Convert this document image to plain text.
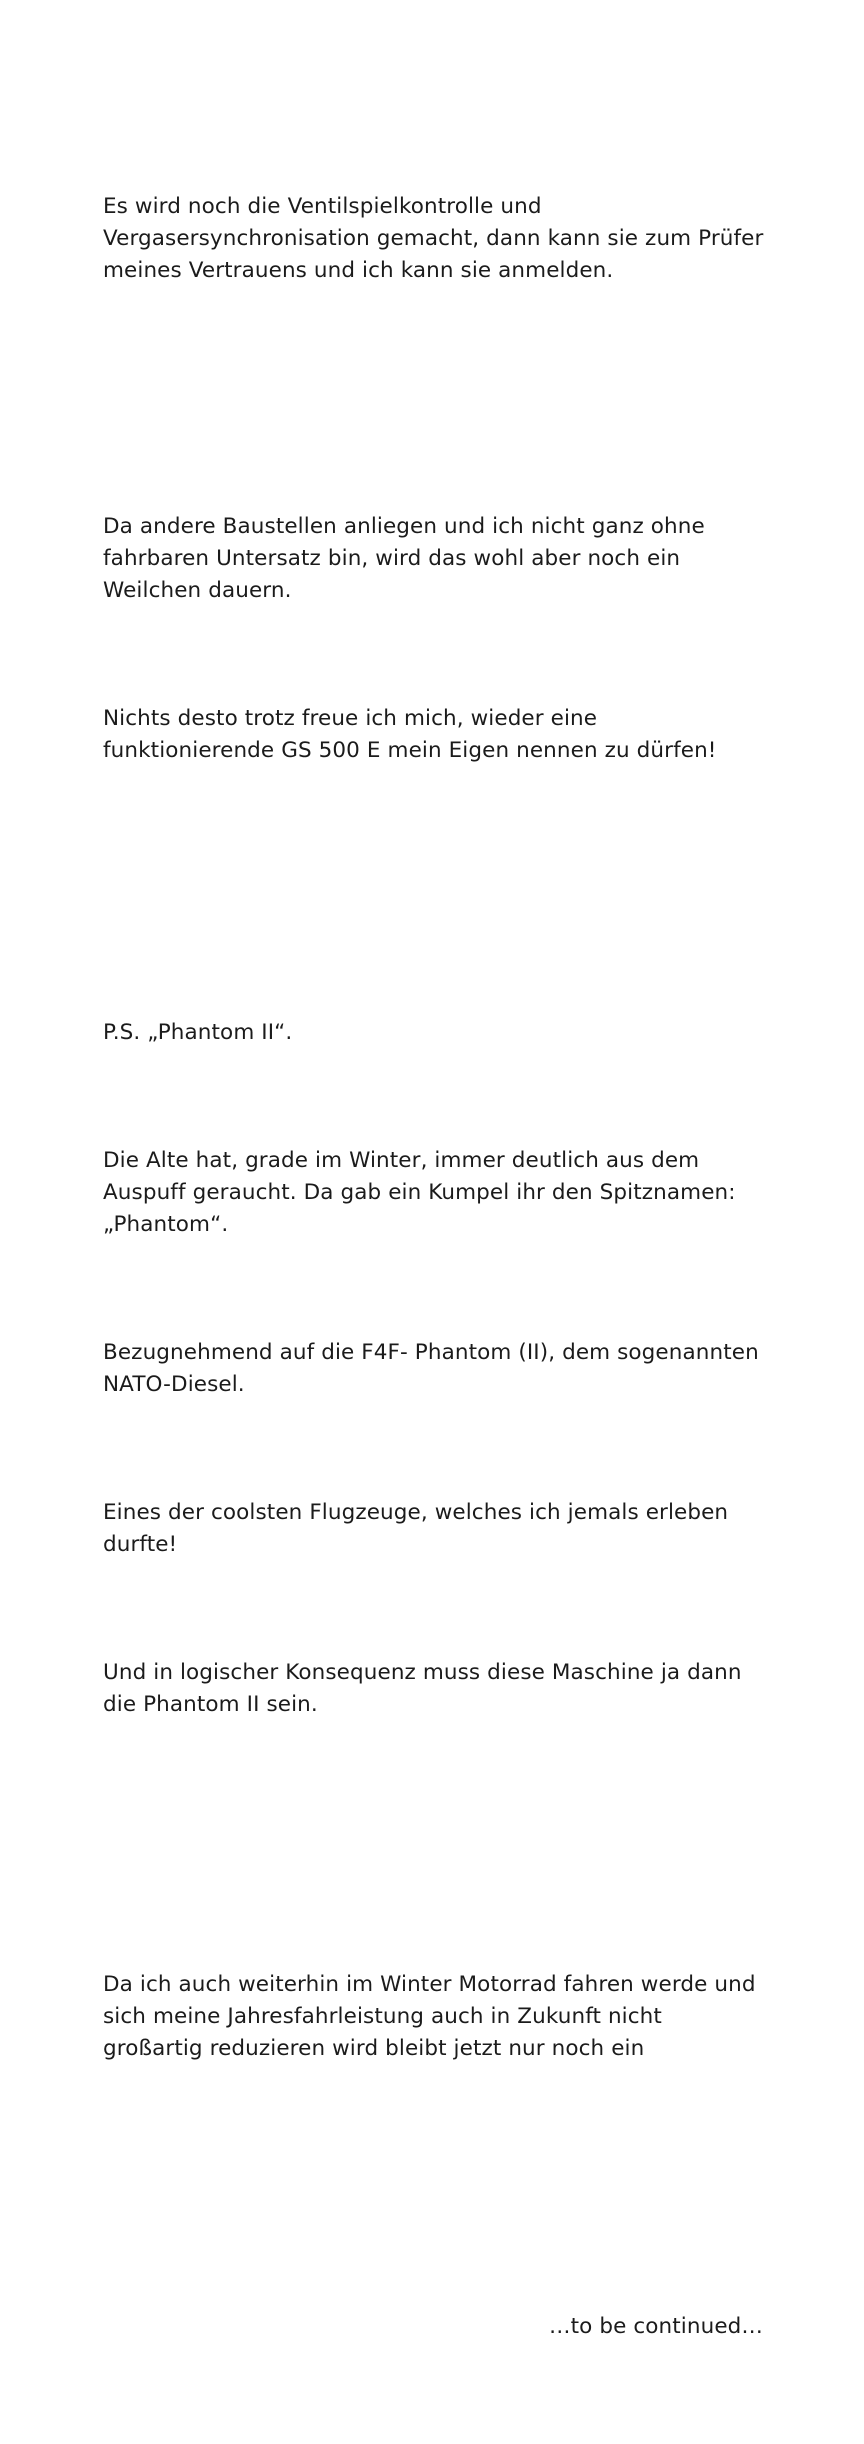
Es wird noch die Ventilspielkontrolle und Vergasersynchronisation gemacht, dann kann sie zum Prüfer meines Vertrauens und ich kann sie anmelden.

Da andere Baustellen anliegen und ich nicht ganz ohne fahrbaren Untersatz bin, wird das wohl aber noch ein Weilchen dauern.

Nichts desto trotz freue ich mich, wieder eine funktionierende GS 500 E mein Eigen nennen zu dürfen!

P.S. „Phantom II“.

Die Alte hat, grade im Winter, immer deutlich aus dem Auspuff geraucht. Da gab ein Kumpel ihr den Spitznamen: „Phantom“.

Bezugnehmend auf die F4F- Phantom (II), dem sogenannten NATO-Diesel.

Eines der coolsten Flugzeuge, welches ich jemals erleben durfte!

Und in logischer Konsequenz muss diese Maschine ja dann die Phantom II sein.

Da ich auch weiterhin im Winter Motorrad fahren werde und sich meine Jahresfahrleistung auch in Zukunft nicht großartig reduzieren wird bleibt jetzt nur noch ein

…to be continued…
